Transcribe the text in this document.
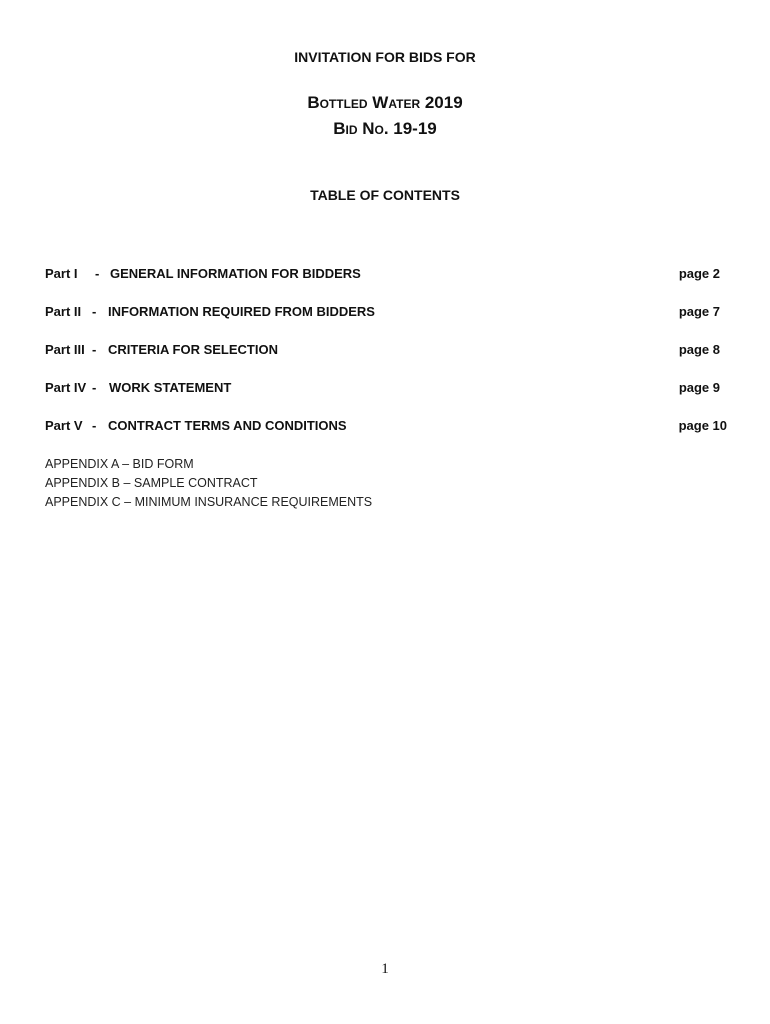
INVITATION FOR BIDS FOR
Bottled Water 2019
Bid No. 19-19
TABLE OF CONTENTS
Part I - GENERAL INFORMATION FOR BIDDERS	page 2
Part II - INFORMATION REQUIRED FROM BIDDERS	page 7
Part III - CRITERIA FOR SELECTION	page 8
Part IV - WORK STATEMENT	page 9
Part V - CONTRACT TERMS AND CONDITIONS	page 10
APPENDIX A – BID FORM
APPENDIX B – SAMPLE CONTRACT
APPENDIX C – MINIMUM INSURANCE REQUIREMENTS
1
